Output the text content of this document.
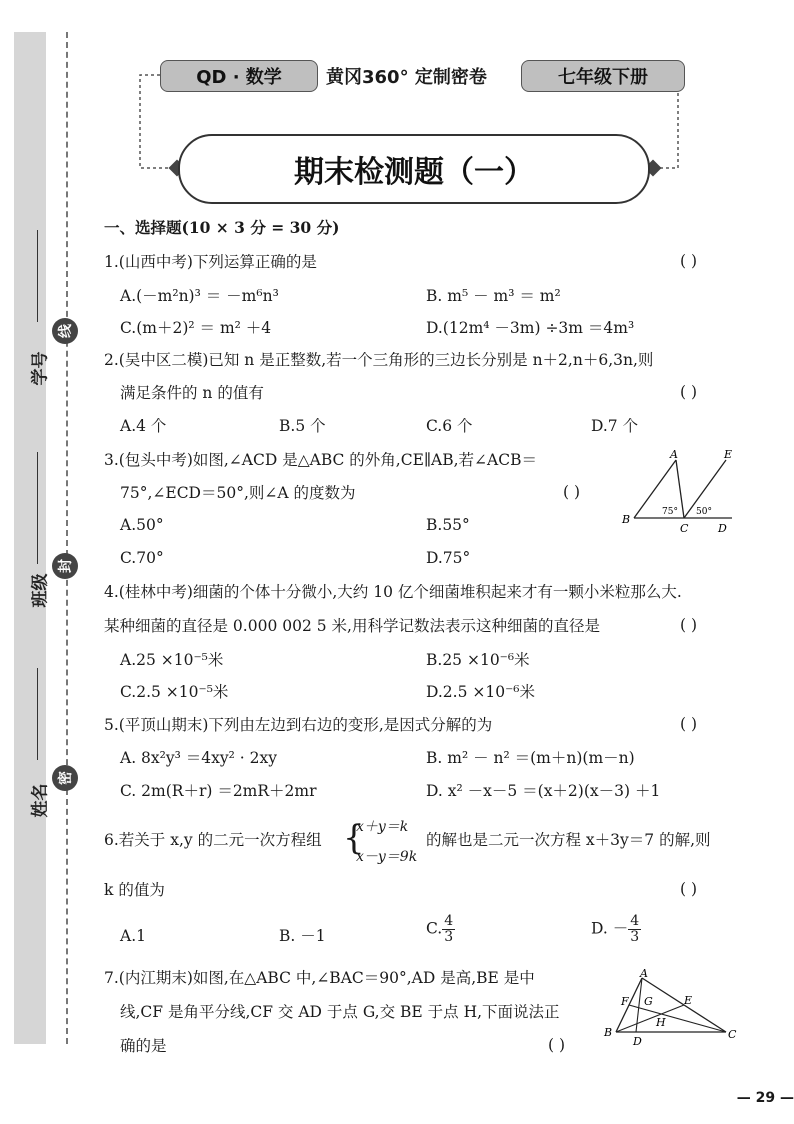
学号
班级
姓名
线
封
密
QD · 数学	黄冈360° 定制密卷	七年级下册
期末检测题（一）
一、选择题(10 × 3 分 = 30 分)
1.(山西中考)下列运算正确的是	( )
A.(－m²n)³ ＝ －m⁶n³	B. m⁵ － m³ ＝ m²
C.(m＋2)² ＝ m² ＋4	D.(12m⁴ －3m) ÷3m ＝4m³
2.(吴中区二模)已知 n 是正整数,若一个三角形的三边长分别是 n＋2,n＋6,3n,则
满足条件的 n 的值有	( )
A.4 个	B.5 个	C.6 个	D.7 个
3.(包头中考)如图,∠ACD 是△ABC 的外角,CE∥AB,若∠ACB＝
75°,∠ECD＝50°,则∠A 的度数为	( )
A.50°	B.55°
C.70°	D.75°
A	E
B
C	D
75° 50°
4.(桂林中考)细菌的个体十分微小,大约 10 亿个细菌堆积起来才有一颗小米粒那么大.
某种细菌的直径是 0.000 002 5 米,用科学记数法表示这种细菌的直径是	( )
A.25 ×10⁻⁵米	B.25 ×10⁻⁶米
C.2.5 ×10⁻⁵米	D.2.5 ×10⁻⁶米
5.(平顶山期末)下列由左边到右边的变形,是因式分解的为	( )
A. 8x²y³ ＝4xy² · 2xy	B. m² － n² ＝(m＋n)(m－n)
C. 2m(R＋r) ＝2mR＋2mr	D. x² －x－5 ＝(x＋2)(x－3) ＋1
6.若关于 x,y 的二元一次方程组 {
x＋y＝k
x－y＝9k
的解也是二元一次方程 x＋3y＝7 的解,则
k 的值为	( )
A.1	B. －1	C. $\frac{4}{3}$	D. － $\frac{4}{3}$
7.(内江期末)如图,在△ABC 中,∠BAC＝90°,AD 是高,BE 是中
线,CF 是角平分线,CF 交 AD 于点 G,交 BE 于点 H,下面说法正
确的是	( )
A
B	C
D
E
F G
H
— 29 —
